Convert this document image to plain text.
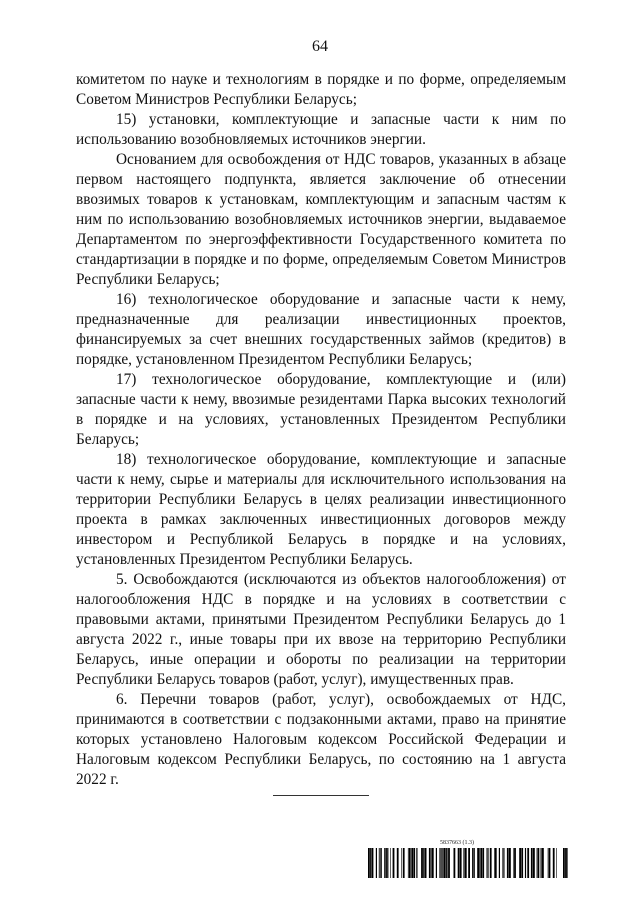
64

комитетом по науке и технологиям в порядке и по форме, определяемым Советом Министров Республики Беларусь;

15) установки, комплектующие и запасные части к ним по использованию возобновляемых источников энергии.

Основанием для освобождения от НДС товаров, указанных в абзаце первом настоящего подпункта, является заключение об отнесении ввозимых товаров к установкам, комплектующим и запасным частям к ним по использованию возобновляемых источников энергии, выдаваемое Департаментом по энергоэффективности Государственного комитета по стандартизации в порядке и по форме, определяемым Советом Министров Республики Беларусь;

16) технологическое оборудование и запасные части к нему, предназначенные для реализации инвестиционных проектов, финансируемых за счет внешних государственных займов (кредитов) в порядке, установленном Президентом Республики Беларусь;

17) технологическое оборудование, комплектующие и (или) запасные части к нему, ввозимые резидентами Парка высоких технологий в порядке и на условиях, установленных Президентом Республики Беларусь;

18) технологическое оборудование, комплектующие и запасные части к нему, сырье и материалы для исключительного использования на территории Республики Беларусь в целях реализации инвестиционного проекта в рамках заключенных инвестиционных договоров между инвестором и Республикой Беларусь в порядке и на условиях, установленных Президентом Республики Беларусь.

5. Освобождаются (исключаются из объектов налогообложения) от налогообложения НДС в порядке и на условиях в соответствии с правовыми актами, принятыми Президентом Республики Беларусь до 1 августа 2022 г., иные товары при их ввозе на территорию Республики Беларусь, иные операции и обороты по реализации на территории Республики Беларусь товаров (работ, услуг), имущественных прав.

6. Перечни товаров (работ, услуг), освобождаемых от НДС, принимаются в соответствии с подзаконными актами, право на принятие которых установлено Налоговым кодексом Российской Федерации и Налоговым кодексом Республики Беларусь, по состоянию на 1 августа 2022 г.

5837663 (1.3)
